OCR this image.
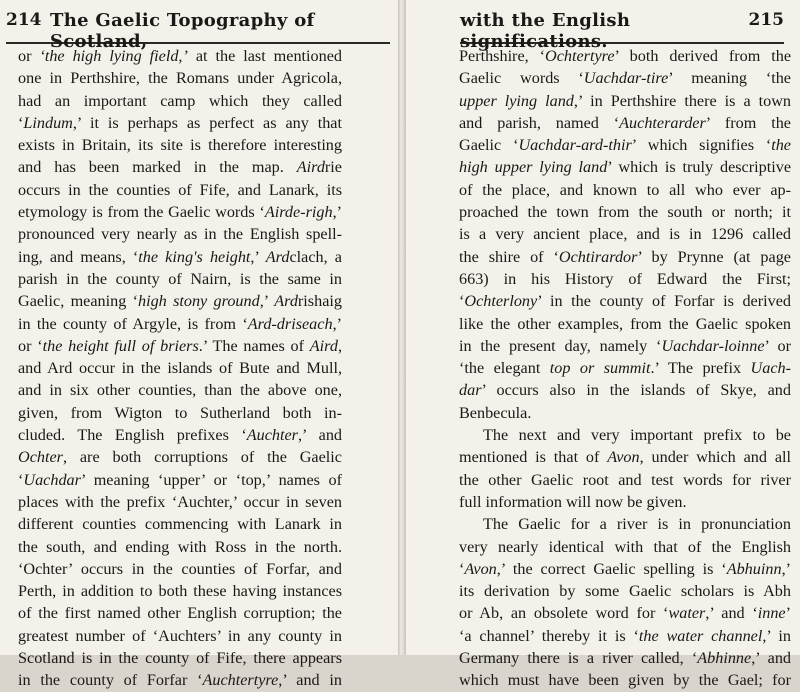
214 The Gaelic Topography of Scotland,
or ‘the high lying field,’ at the last mentioned
one in Perthshire, the Romans under Agricola,
had an important camp which they called
‘Lindum,’ it is perhaps as perfect as any that
exists in Britain, its site is therefore interesting
and has been marked in the map. Airdrie
occurs in the counties of Fife, and Lanark, its
etymology is from the Gaelic words ‘Airde-righ,’
pronounced very nearly as in the English spell-
ing, and means, ‘the king's height,’ Ardclach, a
parish in the county of Nairn, is the same in
Gaelic, meaning ‘high stony ground,’ Ardrishaig
in the county of Argyle, is from ‘Ard-driseach,’
or ‘the height full of briers.’ The names of Aird,
and Ard occur in the islands of Bute and Mull,
and in six other counties, than the above one,
given, from Wigton to Sutherland both in-
cluded. The English prefixes ‘Auchter,’ and
Ochter, are both corruptions of the Gaelic
‘Uachdar’ meaning ‘upper’ or ‘top,’ names of
places with the prefix ‘Auchter,’ occur in seven
different counties commencing with Lanark in
the south, and ending with Ross in the north.
‘Ochter’ occurs in the counties of Forfar, and
Perth, in addition to both these having instances
of the first named other English corruption; the
greatest number of ‘Auchters’ in any county in
Scotland is in the county of Fife, there appears
in the county of Forfar ‘Auchtertyre,’ and in
with the English significations.
215
Perthshire, ‘Ochtertyre’ both derived from the
Gaelic words ‘Uachdar-tire’ meaning ‘the
upper lying land,’ in Perthshire there is a town
and parish, named ‘Auchterarder’ from the
Gaelic ‘Uachdar-ard-thir’ which signifies ‘the
high upper lying land’ which is truly descriptive
of the place, and known to all who ever ap-
proached the town from the south or north; it
is a very ancient place, and is in 1296 called
the shire of ‘Ochtirardor’ by Prynne (at page
663) in his History of Edward the First;
‘Ochterlony’ in the county of Forfar is derived
like the other examples, from the Gaelic spoken
in the present day, namely ‘Uachdar-loinne’ or
‘the elegant top or summit.’ The prefix Uach-
dar’ occurs also in the islands of Skye, and
Benbecula.
The next and very important prefix to be
mentioned is that of Avon, under which and all
the other Gaelic root and test words for river
full information will now be given.
The Gaelic for a river is in pronunciation
very nearly identical with that of the English
‘Avon,’ the correct Gaelic spelling is ‘Abhuinn,’
its derivation by some Gaelic scholars is Abh
or Ab, an obsolete word for ‘water,’ and ‘inne’
‘a channel’ thereby it is ‘the water channel,’ in
Germany there is a river called, ‘Abhinne,’ and
which must have been given by the Gael; for
